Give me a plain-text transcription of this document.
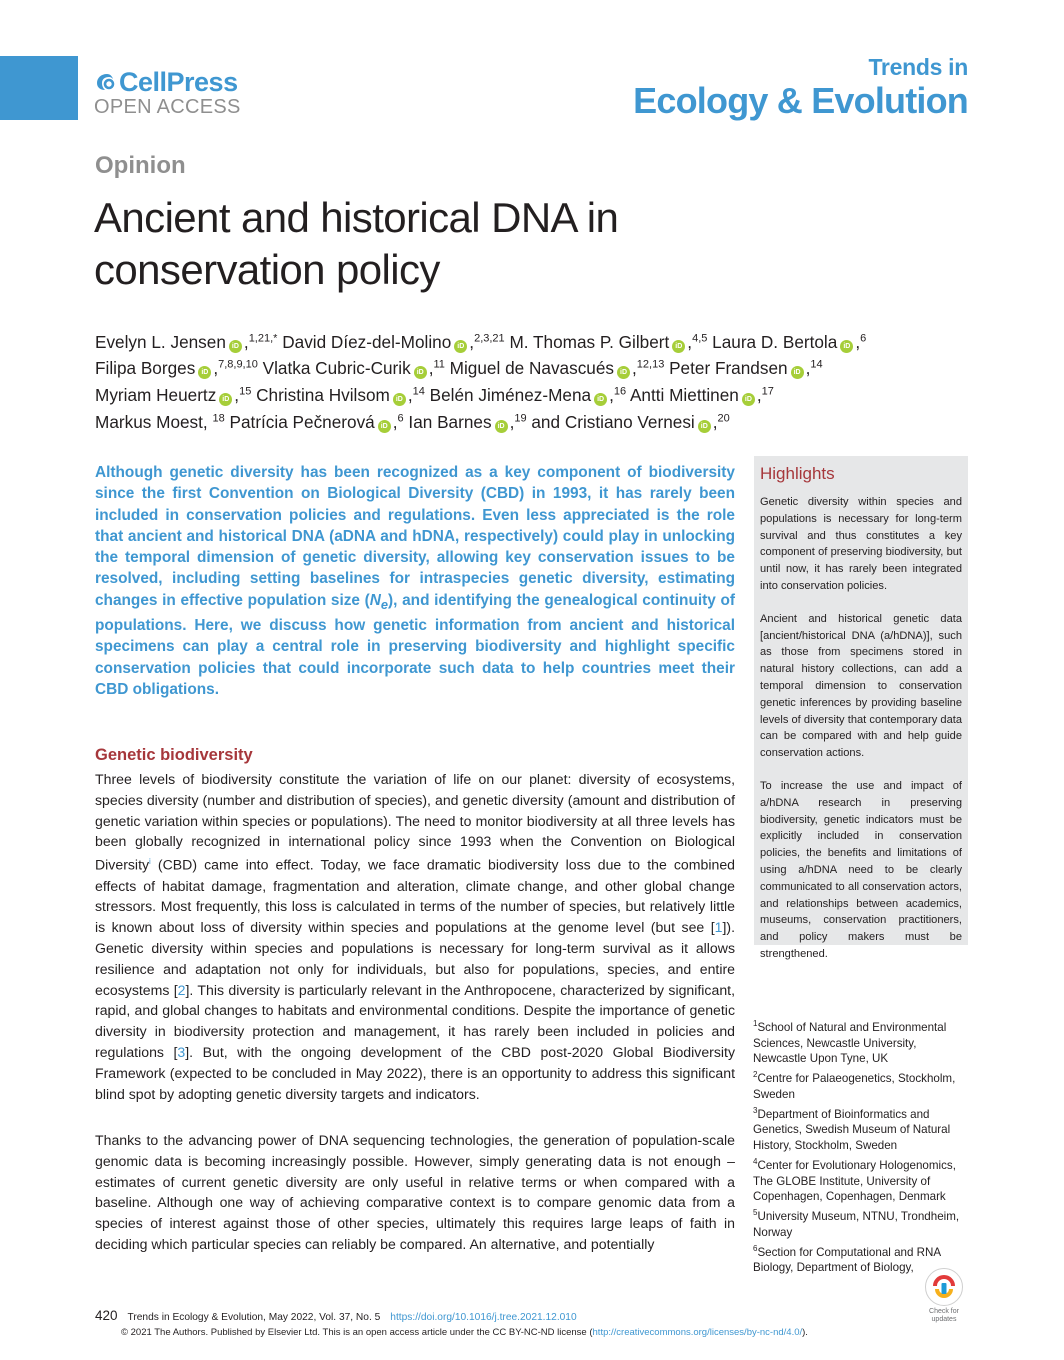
CellPress
OPEN ACCESS
Trends in
Ecology & Evolution
Opinion
Ancient and historical DNA in
conservation policy
Evelyn L. Jensen iD ,$^{1,21,*}$ David Díez-del-Molino iD ,$^{2,3,21}$ M. Thomas P. Gilbert iD ,$^{4,5}$ Laura D. Bertola iD ,$^6$
Filipa Borges iD ,$^{7,8,9,10}$ Vlatka Cubric-Curik iD ,$^{11}$ Miguel de Navascués iD ,$^{12,13}$ Peter Frandsen iD ,$^{14}$
Myriam Heuertz iD ,$^{15}$ Christina Hvilsom iD ,$^{14}$ Belén Jiménez-Mena iD ,$^{16}$ Antti Miettinen iD ,$^{17}$
Markus Moest, $^{18}$ Patrícia Pečnerová iD ,$^6$ Ian Barnes iD ,$^{19}$ and Cristiano Vernesi iD ,$^{20}$
Although genetic diversity has been recognized as a key component of biodiversity since the first Convention on Biological Diversity (CBD) in 1993, it has rarely been included in conservation policies and regulations. Even less appreciated is the role that ancient and historical DNA (aDNA and hDNA, respectively) could play in unlocking the temporal dimension of genetic diversity, allowing key conservation issues to be resolved, including setting baselines for intraspecies genetic diversity, estimating changes in effective population size $(N_e)$, and identifying the genealogical continuity of populations. Here, we discuss how genetic information from ancient and historical specimens can play a central role in preserving biodiversity and highlight specific conservation policies that could incorporate such data to help countries meet their CBD obligations.
Genetic biodiversity
Three levels of biodiversity constitute the variation of life on our planet: diversity of ecosystems, species diversity (number and distribution of species), and genetic diversity (amount and distribution of genetic variation within species or populations). The need to monitor biodiversity at all three levels has been globally recognized in international policy since 1993 when the Convention on Biological Diversity$^i$ (CBD) came into effect. Today, we face dramatic biodiversity loss due to the combined effects of habitat damage, fragmentation and alteration, climate change, and other global change stressors. Most frequently, this loss is calculated in terms of the number of species, but relatively little is known about loss of diversity within species and populations at the genome level (but see [1]). Genetic diversity within species and populations is necessary for long-term survival as it allows resilience and adaptation not only for individuals, but also for populations, species, and entire ecosystems [2]. This diversity is particularly relevant in the Anthropocene, characterized by significant, rapid, and global changes to habitats and environmental conditions. Despite the importance of genetic diversity in biodiversity protection and management, it has rarely been included in policies and regulations [3]. But, with the ongoing development of the CBD post-2020 Global Biodiversity Framework (expected to be concluded in May 2022), there is an opportunity to address this significant blind spot by adopting genetic diversity targets and indicators.
Thanks to the advancing power of DNA sequencing technologies, the generation of population-scale genomic data is becoming increasingly possible. However, simply generating data is not enough – estimates of current genetic diversity are only useful in relative terms or when compared with a baseline. Although one way of achieving comparative context is to compare genomic data from a species of interest against those of other species, ultimately this requires large leaps of faith in deciding which particular species can reliably be compared. An alternative, and potentially
Highlights

Genetic diversity within species and populations is necessary for long-term survival and thus constitutes a key component of preserving biodiversity, but until now, it has rarely been integrated into conservation policies.

Ancient and historical genetic data [ancient/historical DNA (a/hDNA)], such as those from specimens stored in natural history collections, can add a temporal dimension to conservation genetic inferences by providing baseline levels of diversity that contemporary data can be compared with and help guide conservation actions.

To increase the use and impact of a/hDNA research in preserving biodiversity, genetic indicators must be explicitly included in conservation policies, the benefits and limitations of using a/hDNA need to be clearly communicated to all conservation actors, and relationships between academics, museums, conservation practitioners, and policy makers must be strengthened.

$^1$School of Natural and Environmental Sciences, Newcastle University, Newcastle Upon Tyne, UK

$^2$Centre for Palaeogenetics, Stockholm, Sweden

$^3$Department of Bioinformatics and Genetics, Swedish Museum of Natural History, Stockholm, Sweden

$^4$Center for Evolutionary Hologenomics, The GLOBE Institute, University of Copenhagen, Copenhagen, Denmark

$^5$University Museum, NTNU, Trondheim, Norway

$^6$Section for Computational and RNA Biology, Department of Biology,

420 Trends in Ecology & Evolution, May 2022, Vol. 37, No. 5 https://doi.org/10.1016/j.tree.2021.12.010
© 2021 The Authors. Published by Elsevier Ltd. This is an open access article under the CC BY-NC-ND license (http://creativecommons.org/licenses/by-nc-nd/4.0/).
Check for
updates
